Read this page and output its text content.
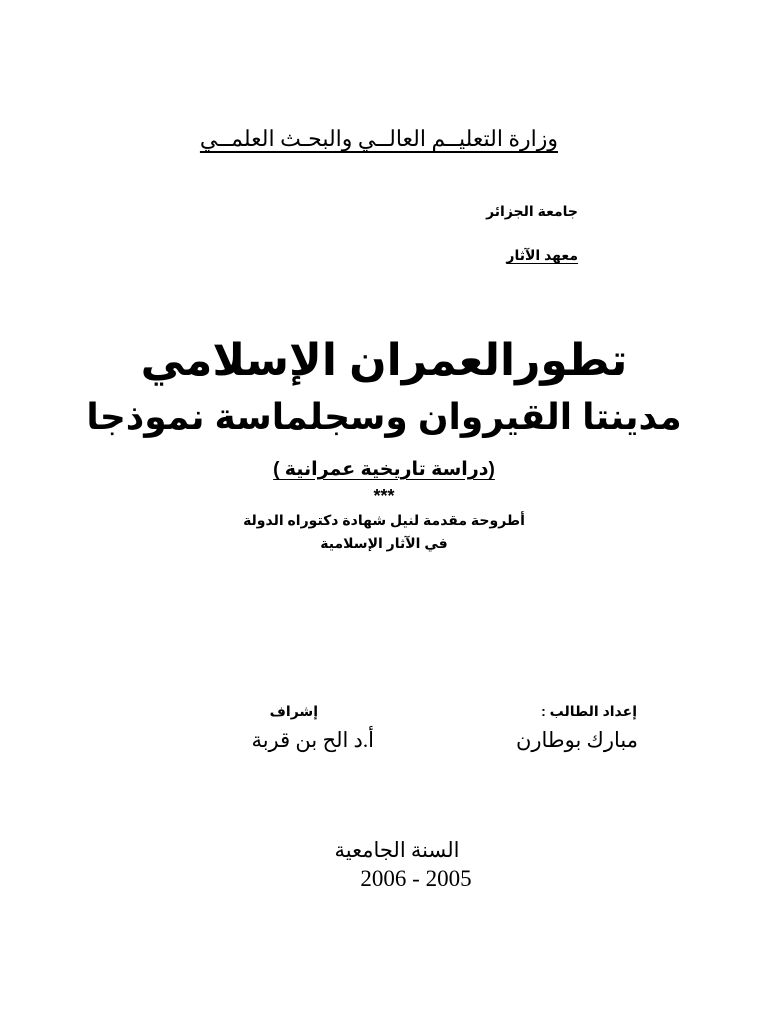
وزارة التعليــم العالــي والبحـث العلمــي
جامعة الجزائر
معهد الآثار
تطورالعمران الإسلامي
مدينتا القيروان وسجلماسة نموذجا
(دراسة تاريخية عمرانية )
***
أطروحة مقدمة لنيل شهادة دكتوراه الدولة
في الآثار الإسلامية
إعداد الطالب :
إشراف
مبارك بوطارن
أ.د الح بن قربة
السنة الجامعية
2006 - 2005
